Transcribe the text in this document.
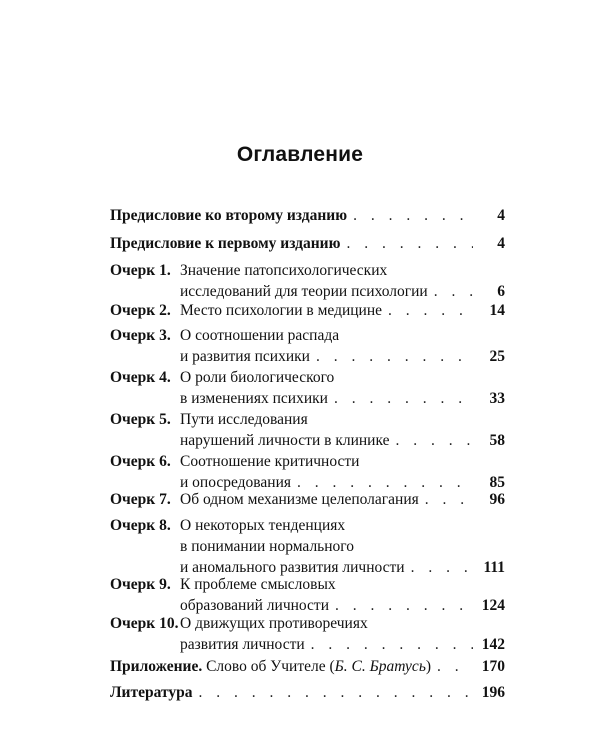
Оглавление
Предисловие ко второму изданию . . .	4
Предисловие к первому изданию . . .	4
Очерк 1. Значение патопсихологических
исследований для теории психологии . . .	6
Очерк 2. Место психологии в медицине . . .	14
Очерк 3. О соотношении распада
и развития психики . . .	25
Очерк 4. О роли биологического
в изменениях психики . . .	33
Очерк 5. Пути исследования
нарушений личности в клинике . . .	58
Очерк 6. Соотношение критичности
и опосредования . . .	85
Очерк 7. Об одном механизме целеполагания . . .	96
Очерк 8. О некоторых тенденциях
в понимании нормального
и аномального развития личности . . .	111
Очерк 9. К проблеме смысловых
образований личности . . .	124
Очерк 10. О движущих противоречиях
развития личности . . .	142
Приложение. Слово об Учителе (Б. С. Братусь) . . .	170
Литература . . .	196
